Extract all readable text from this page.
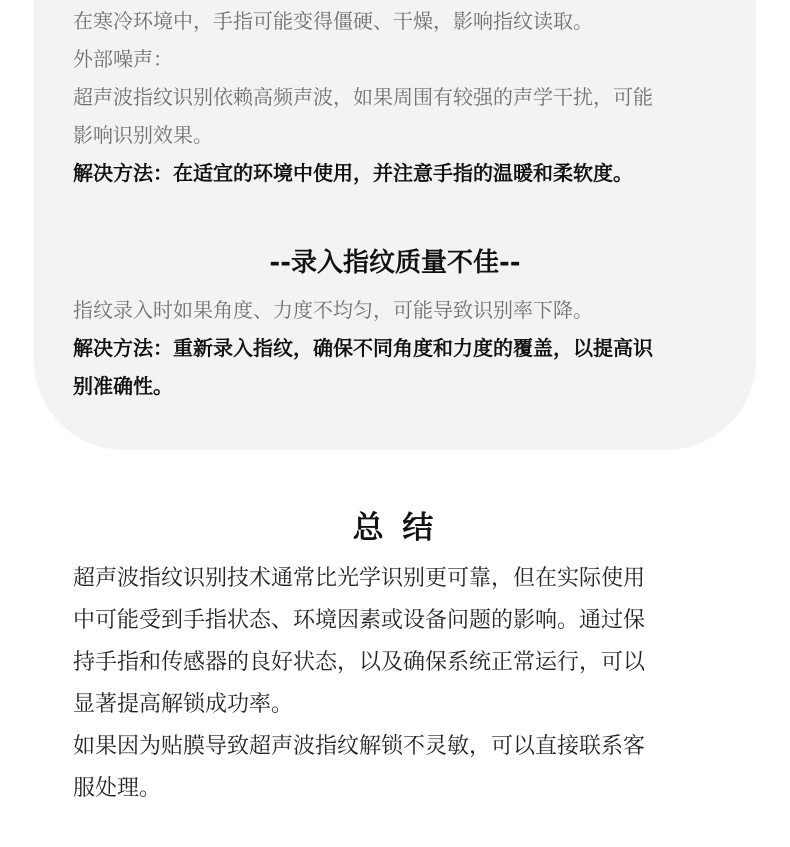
在寒冷环境中，手指可能变得僵硬、干燥，影响指纹读取。

外部噪声：

超声波指纹识别依赖高频声波，如果周围有较强的声学干扰，可能

影响识别效果。

解决方法：在适宜的环境中使用，并注意手指的温暖和柔软度。

--录入指纹质量不佳--

指纹录入时如果角度、力度不均匀，可能导致识别率下降。

解决方法：重新录入指纹，确保不同角度和力度的覆盖，以提高识

别准确性。

总 结

超声波指纹识别技术通常比光学识别更可靠，但在实际使用

中可能受到手指状态、环境因素或设备问题的影响。通过保

持手指和传感器的良好状态，以及确保系统正常运行，可以

显著提高解锁成功率。

如果因为贴膜导致超声波指纹解锁不灵敏，可以直接联系客

服处理。
